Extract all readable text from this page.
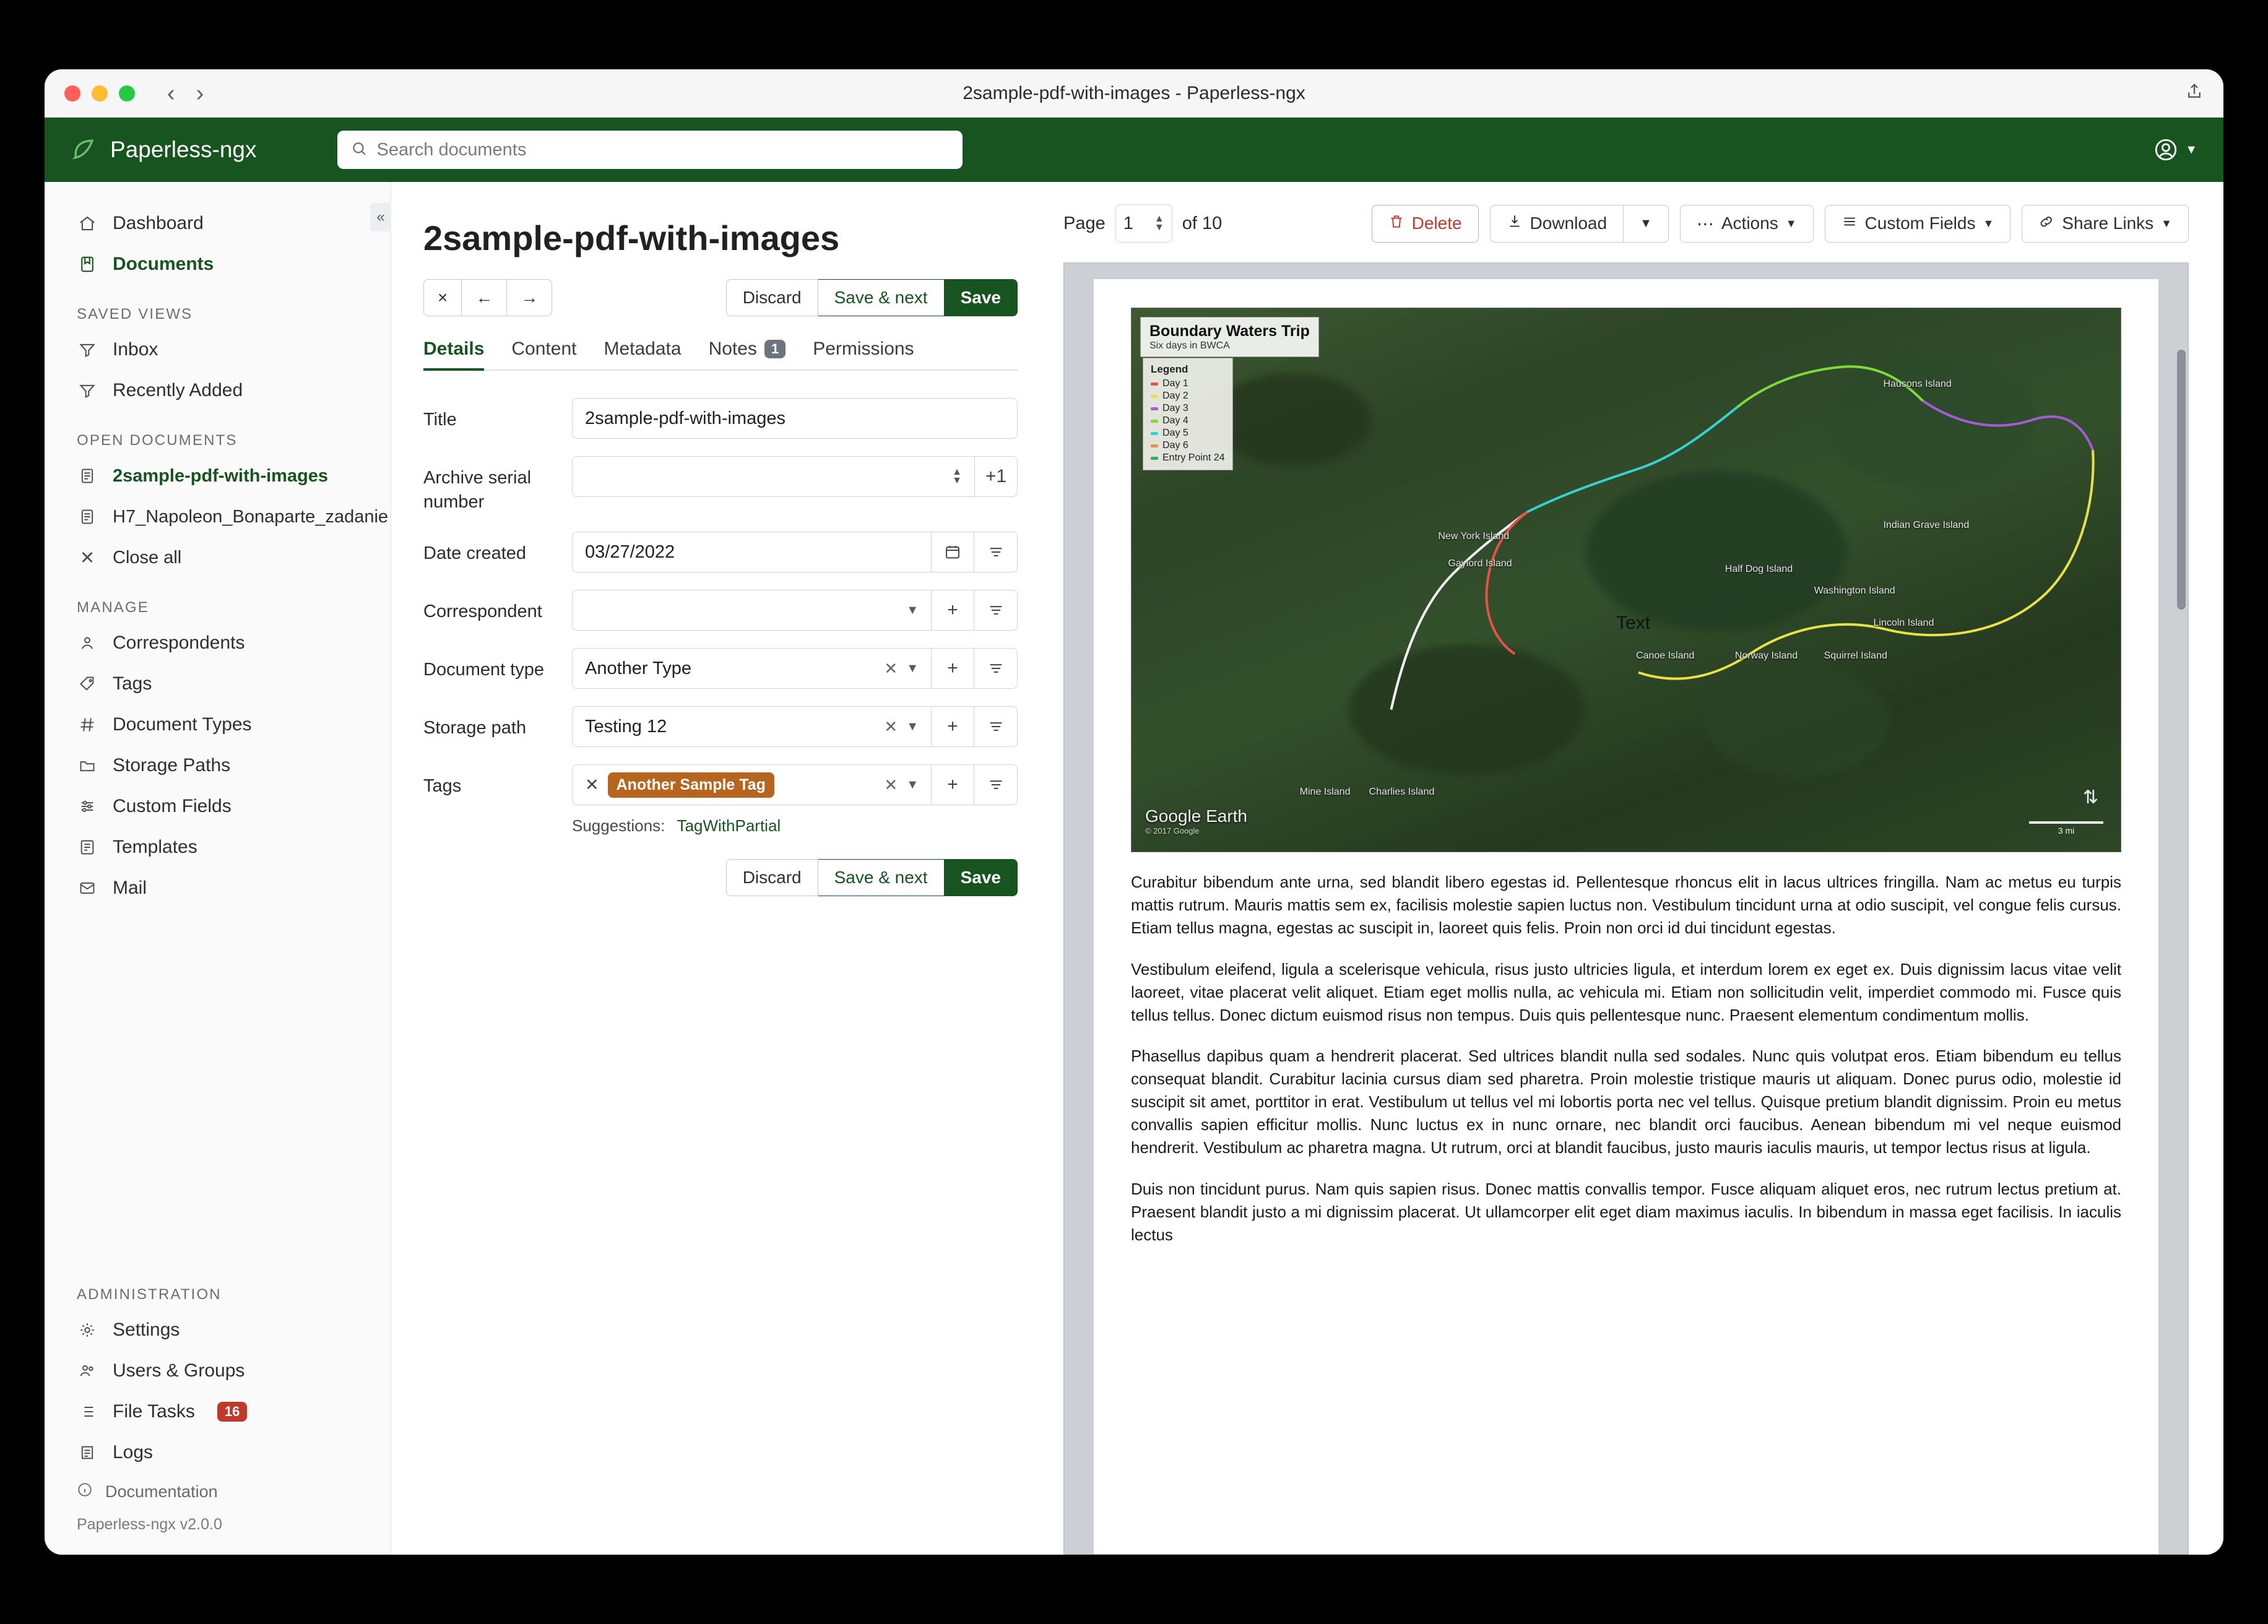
‹ ›	2sample-pdf-with-images - Paperless-ngx
Paperless-ngx	Search documents	▼
«
Dashboard
Documents
SAVED VIEWS
Inbox
Recently Added
OPEN DOCUMENTS
2sample-pdf-with-images
H7_Napoleon_Bonaparte_zadanie
✕ Close all
MANAGE
Correspondents
Tags
Document Types
Storage Paths
Custom Fields
Templates
Mail
ADMINISTRATION
Settings
Users & Groups
File Tasks	16
Logs
Documentation
Paperless-ngx v2.0.0
2sample-pdf-with-images
×	←	→	Discard	Save & next	Save
Details Content Metadata Notes	1	Permissions
Title	2sample-pdf-with-images
Archive serial number
▲
▼	+1
Date created	03/27/2022
Correspondent	▼	+
Document type	Another Type	✕ ▼	+
Storage path	Testing 12	✕ ▼	+
Tags	✕	Another Sample Tag	✕ ▼	+
Suggestions: TagWithPartial
Discard	Save & next	Save
Page 1 ▲
▼ of 10	Delete	Download	▼	⋯ Actions ▼	Custom Fields ▼	Share Links ▼
Boundary Waters Trip
Six days in BWCA
Legend
Day 1
Day 2
Day 3
Day 4
Day 5
Day 6
Entry Point 24
Hausons Island
New York Island
Gaylord Island
Indian Grave Island
Half Dog Island
Washington Island
Lincoln Island
Canoe Island	Norway Island	Squirrel Island
Mine Island Charlies Island
Text
Google Earth
© 2017 Google
⇅
3 mi

Curabitur bibendum ante urna, sed blandit libero egestas id. Pellentesque rhoncus elit in lacus ultrices fringilla. Nam ac metus eu turpis mattis rutrum. Mauris mattis sem ex, facilisis molestie sapien luctus non. Vestibulum tincidunt urna at odio suscipit, vel congue felis cursus. Etiam tellus magna, egestas ac suscipit in, laoreet quis felis. Proin non orci id dui tincidunt egestas.

Vestibulum eleifend, ligula a scelerisque vehicula, risus justo ultricies ligula, et interdum lorem ex eget ex. Duis dignissim lacus vitae velit laoreet, vitae placerat velit aliquet. Etiam eget mollis nulla, ac vehicula mi. Etiam non sollicitudin velit, imperdiet commodo mi. Fusce quis tellus tellus. Donec dictum euismod risus non tempus. Duis quis pellentesque nunc. Praesent elementum condimentum mollis.

Phasellus dapibus quam a hendrerit placerat. Sed ultrices blandit nulla sed sodales. Nunc quis volutpat eros. Etiam bibendum eu tellus consequat blandit. Curabitur lacinia cursus diam sed pharetra. Proin molestie tristique mauris ut aliquam. Donec purus odio, molestie id suscipit sit amet, porttitor in erat. Vestibulum ut tellus vel mi lobortis porta nec vel tellus. Quisque pretium blandit dignissim. Proin eu metus convallis sapien efficitur mollis. Nunc luctus ex in nunc ornare, nec blandit orci faucibus. Aenean bibendum mi vel neque euismod hendrerit. Vestibulum ac pharetra magna. Ut rutrum, orci at blandit faucibus, justo mauris iaculis mauris, ut tempor lectus risus at ligula.

Duis non tincidunt purus. Nam quis sapien risus. Donec mattis convallis tempor. Fusce aliquam aliquet eros, nec rutrum lectus pretium at. Praesent blandit justo a mi dignissim placerat. Ut ullamcorper elit eget diam maximus iaculis. In bibendum in massa eget facilisis. In iaculis lectus
